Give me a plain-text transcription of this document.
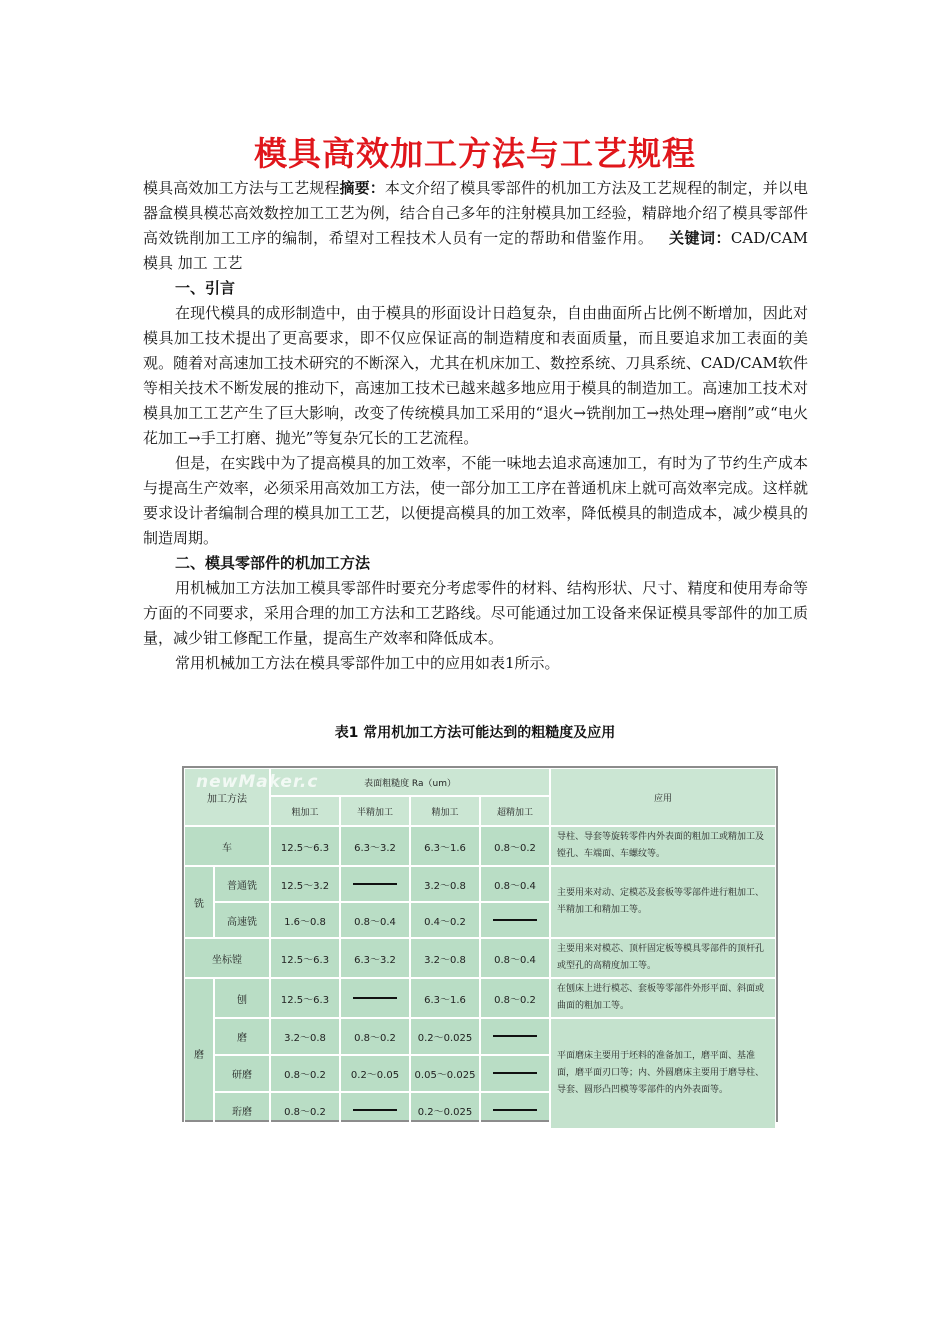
模具高效加工方法与工艺规程

模具高效加工方法与工艺规程摘要：本文介绍了模具零部件的机加工方法及工艺规程的制定，并以电器盒模具模芯高效数控加工工艺为例，结合自己多年的注射模具加工经验，精辟地介绍了模具零部件高效铣削加工工序的编制，希望对工程技术人员有一定的帮助和借鉴作用。 关键词：CAD/CAM 模具 加工 工艺

一、引言

在现代模具的成形制造中，由于模具的形面设计日趋复杂，自由曲面所占比例不断增加，因此对模具加工技术提出了更高要求，即不仅应保证高的制造精度和表面质量，而且要追求加工表面的美观。随着对高速加工技术研究的不断深入，尤其在机床加工、数控系统、刀具系统、CAD/CAM软件等相关技术不断发展的推动下，高速加工技术已越来越多地应用于模具的制造加工。高速加工技术对模具加工工艺产生了巨大影响，改变了传统模具加工采用的“退火→铣削加工→热处理→磨削”或“电火花加工→手工打磨、抛光”等复杂冗长的工艺流程。

但是，在实践中为了提高模具的加工效率，不能一味地去追求高速加工，有时为了节约生产成本与提高生产效率，必须采用高效加工方法，使一部分加工工序在普通机床上就可高效率完成。这样就要求设计者编制合理的模具加工工艺，以便提高模具的加工效率，降低模具的制造成本，减少模具的制造周期。

二、模具零部件的机加工方法

用机械加工方法加工模具零部件时要充分考虑零件的材料、结构形状、尺寸、精度和使用寿命等方面的不同要求，采用合理的加工方法和工艺路线。尽可能通过加工设备来保证模具零部件的加工质量，减少钳工修配工作量，提高生产效率和降低成本。

常用机械加工方法在模具零部件加工中的应用如表1所示。

表1 常用机加工方法可能达到的粗糙度及应用
加工方法		表面粗糙度 Ra（um）				应用
		粗加工	半精加工	精加工	超精加工	
车		12.5～6.3	6.3～3.2	6.3～1.6	0.8～0.2	导柱、导套等旋转零件内外表面的粗加工或精加工及镗孔、车端面、车螺纹等。
铣	普通铣	12.5～3.2		3.2～0.8	0.8～0.4	主要用来对动、定模芯及套板等零部件进行粗加工、半精加工和精加工等。
	高速铣	1.6～0.8	0.8～0.4	0.4～0.2		
坐标镗		12.5～6.3	6.3～3.2	3.2～0.8	0.8～0.4	主要用来对模芯、顶杆固定板等模具零部件的顶杆孔或型孔的高精度加工等。
磨	刨	12.5～6.3		6.3～1.6	0.8～0.2	在刨床上进行模芯、套板等零部件外形平面、斜面或曲面的粗加工等。
	磨	3.2～0.8	0.8～0.2	0.2～0.025		平面磨床主要用于坯料的准备加工，磨平面、基准面，磨平面刃口等；内、外圆磨床主要用于磨导柱、导套、圆形凸凹模等零部件的内外表面等。
	研磨	0.8～0.2	0.2～0.05	0.05～0.025		
	珩磨	0.8～0.2		0.2～0.025		
newMaker.c
